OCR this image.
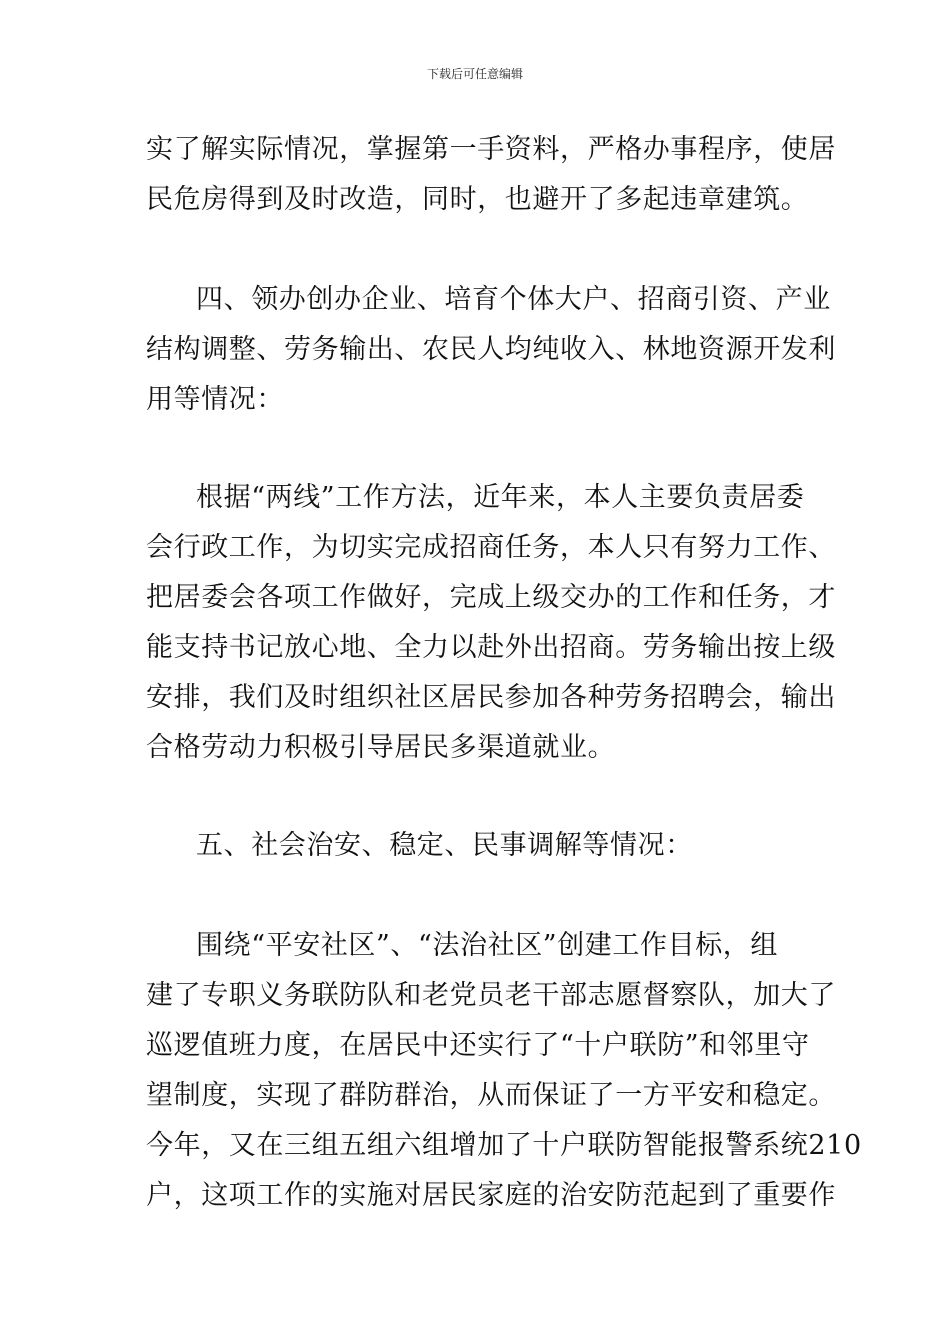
下载后可任意编辑
实了解实际情况，掌握第一手资料，严格办事程序，使居
民危房得到及时改造，同时，也避开了多起违章建筑。
四、领办创办企业、培育个体大户、招商引资、产业
结构调整、劳务输出、农民人均纯收入、林地资源开发利
用等情况：
根据“两线”工作方法，近年来，本人主要负责居委
会行政工作，为切实完成招商任务，本人只有努力工作、
把居委会各项工作做好，完成上级交办的工作和任务，才
能支持书记放心地、全力以赴外出招商。劳务输出按上级
安排，我们及时组织社区居民参加各种劳务招聘会，输出
合格劳动力积极引导居民多渠道就业。
五、社会治安、稳定、民事调解等情况：
围绕“平安社区”、“法治社区”创建工作目标，组
建了专职义务联防队和老党员老干部志愿督察队，加大了
巡逻值班力度，在居民中还实行了“十户联防”和邻里守
望制度，实现了群防群治，从而保证了一方平安和稳定。
今年，又在三组五组六组增加了十户联防智能报警系统210
户，这项工作的实施对居民家庭的治安防范起到了重要作
